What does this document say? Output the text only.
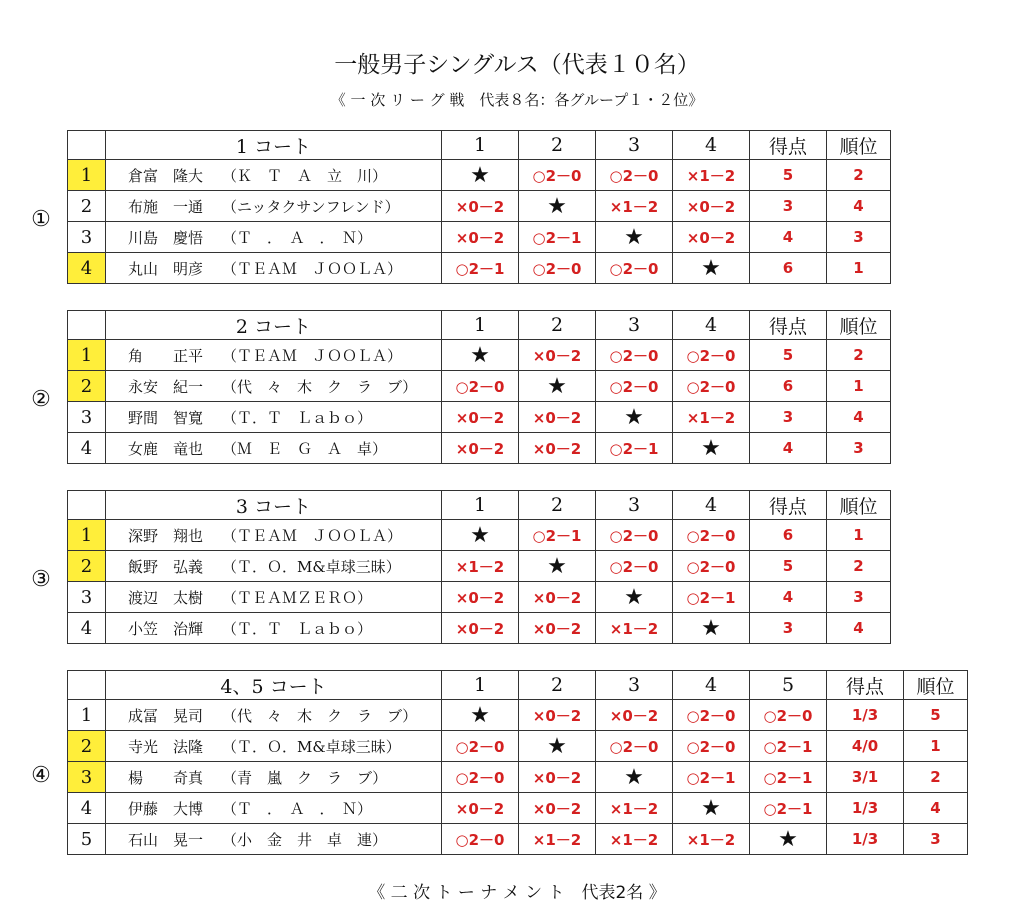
一般男子シングルス（代表１０名）
《 一 次 リ ー グ 戦　代表８名：各グループ１・２位》
	1 コート	1	2	3	4	得点	順位
1	倉富　隆大 （Ｋ　Ｔ　Ａ　立　川）	★	○2－0	○2－0	×1－2	5	2
2	布施　一通 （ニッタクサンフレンド）	×0－2	★	×1－2	×0－2	3	4
3	川島　慶悟 （Ｔ　．　Ａ　．　Ｎ）	×0－2	○2－1	★	×0－2	4	3
4	丸山　明彦 （ＴＥＡＭ　ＪＯＯＬＡ）	○2－1	○2－0	○2－0	★	6	1
①
	2 コート	1	2	3	4	得点	順位
1	角　　正平 （ＴＥＡＭ　ＪＯＯＬＡ）	★	×0－2	○2－0	○2－0	5	2
2	永安　紀一 （代　々　木　ク　ラ　ブ）	○2－0	★	○2－0	○2－0	6	1
3	野間　智寛 （Ｔ．Ｔ　Ｌａｂｏ）	×0－2	×0－2	★	×1－2	3	4
4	女鹿　竜也 （Ｍ　Ｅ　Ｇ　Ａ　卓）	×0－2	×0－2	○2－1	★	4	3
②
	3 コート	1	2	3	4	得点	順位
1	深野　翔也 （ＴＥＡＭ　ＪＯＯＬＡ）	★	○2－1	○2－0	○2－0	6	1
2	飯野　弘義 （Ｔ．Ｏ．M&卓球三昧）	×1－2	★	○2－0	○2－0	5	2
3	渡辺　太樹 （ＴＥＡＭＺＥＲＯ）	×0－2	×0－2	★	○2－1	4	3
4	小笠　治輝 （Ｔ．Ｔ　Ｌａｂｏ）	×0－2	×0－2	×1－2	★	3	4
③
	4、5 コート	1	2	3	4	5	得点	順位
1	成冨　晃司 （代　々　木　ク　ラ　ブ）	★	×0－2	×0－2	○2－0	○2－0	1/3	5
2	寺光　法隆 （Ｔ．Ｏ．M&卓球三昧）	○2－0	★	○2－0	○2－0	○2－1	4/0	1
3	楊　　奇真 （青　嵐　ク　ラ　ブ）	○2－0	×0－2	★	○2－1	○2－1	3/1	2
4	伊藤　大博 （Ｔ　．　Ａ　．　Ｎ）	×0－2	×0－2	×1－2	★	○2－1	1/3	4
5	石山　晃一 （小　金　井　卓　連）	○2－0	×1－2	×1－2	×1－2	★	1/3	3
④
《 二 次 ト ー ナ メ ン ト　代表2名 》
